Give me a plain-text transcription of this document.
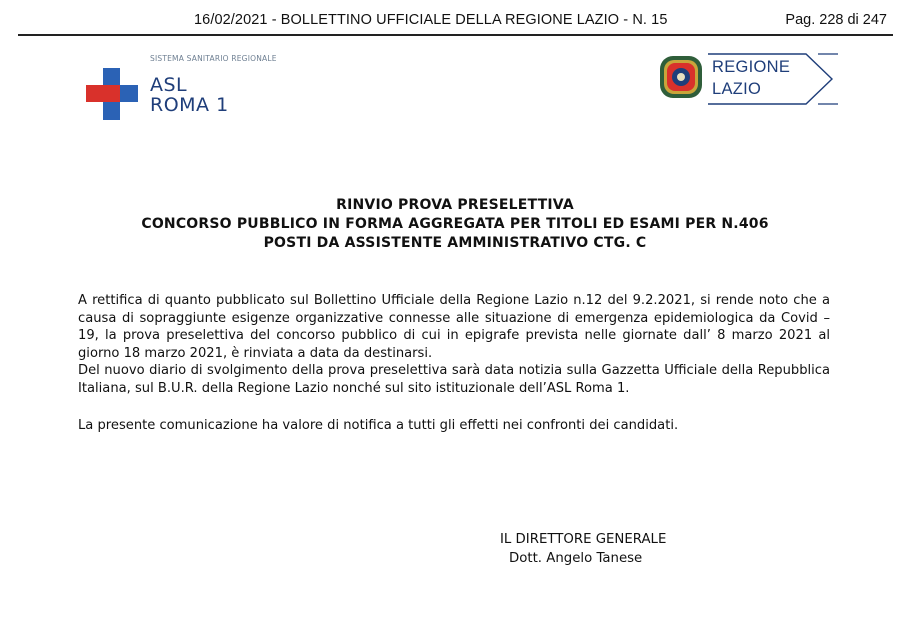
16/02/2021 - BOLLETTINO UFFICIALE DELLA REGIONE LAZIO - N. 15	Pag. 228 di 247
SISTEMA SANITARIO REGIONALE
ASL
ROMA 1
REGIONE
LAZIO
RINVIO PROVA PRESELETTIVA
CONCORSO PUBBLICO IN FORMA AGGREGATA PER TITOLI ED ESAMI PER N.406
POSTI DA ASSISTENTE AMMINISTRATIVO CTG. C

A rettifica di quanto pubblicato sul Bollettino Ufficiale della Regione Lazio n.12 del 9.2.2021, si rende noto che a causa di sopraggiunte esigenze organizzative connesse alle situazione di emergenza epidemiologica da Covid – 19, la prova preselettiva del concorso pubblico di cui in epigrafe prevista nelle giornate dall’ 8 marzo 2021 al giorno 18 marzo 2021, è rinviata a data da destinarsi.

Del nuovo diario di svolgimento della prova preselettiva sarà data notizia sulla Gazzetta Ufficiale della Repubblica Italiana, sul B.U.R. della Regione Lazio nonché sul sito istituzionale dell’ASL Roma 1.

La presente comunicazione ha valore di notifica a tutti gli effetti nei confronti dei candidati.

IL DIRETTORE GENERALE
Dott. Angelo Tanese
